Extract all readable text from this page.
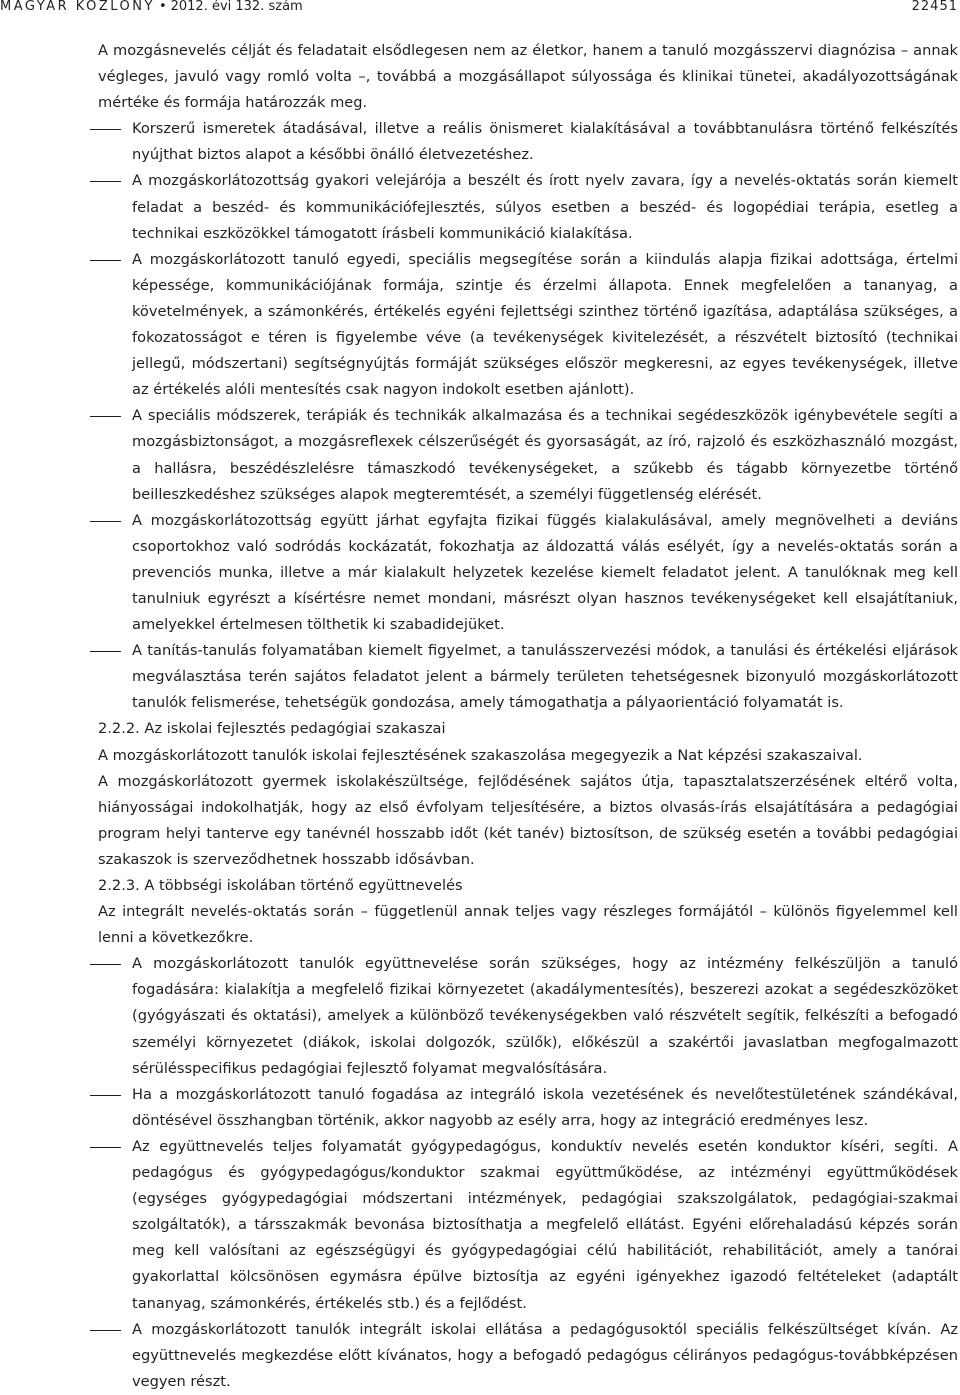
MAGYAR KÖZLÖNY • 2012. évi 132. szám	22451

A mozgásnevelés célját és feladatait elsődlegesen nem az életkor, hanem a tanuló mozgásszervi diagnózisa – annak végleges, javuló vagy romló volta –, továbbá a mozgásállapot súlyossága és klinikai tünetei, akadályozottságának mértéke és formája határozzák meg.

Korszerű ismeretek átadásával, illetve a reális önismeret kialakításával a továbbtanulásra történő felkészítés nyújthat biztos alapot a későbbi önálló életvezetéshez.

A mozgáskorlátozottság gyakori velejárója a beszélt és írott nyelv zavara, így a nevelés-oktatás során kiemelt feladat a beszéd- és kommunikációfejlesztés, súlyos esetben a beszéd- és logopédiai terápia, esetleg a technikai eszközökkel támogatott írásbeli kommunikáció kialakítása.

A mozgáskorlátozott tanuló egyedi, speciális megsegítése során a kiindulás alapja fizikai adottsága, értelmi képessége, kommunikációjának formája, szintje és érzelmi állapota. Ennek megfelelően a tananyag, a követelmények, a számonkérés, értékelés egyéni fejlettségi szinthez történő igazítása, adaptálása szükséges, a fokozatosságot e téren is figyelembe véve (a tevékenységek kivitelezését, a részvételt biztosító (technikai jellegű, módszertani) segítségnyújtás formáját szükséges először megkeresni, az egyes tevékenységek, illetve az értékelés alóli mentesítés csak nagyon indokolt esetben ajánlott).

A speciális módszerek, terápiák és technikák alkalmazása és a technikai segédeszközök igénybevétele segíti a mozgásbiztonságot, a mozgásreflexek célszerűségét és gyorsaságát, az író, rajzoló és eszközhasználó mozgást, a hallásra, beszédészlelésre támaszkodó tevékenységeket, a szűkebb és tágabb környezetbe történő beilleszkedéshez szükséges alapok megteremtését, a személyi függetlenség elérését.

A mozgáskorlátozottság együtt járhat egyfajta fizikai függés kialakulásával, amely megnövelheti a deviáns csoportokhoz való sodródás kockázatát, fokozhatja az áldozattá válás esélyét, így a nevelés-oktatás során a prevenciós munka, illetve a már kialakult helyzetek kezelése kiemelt feladatot jelent. A tanulóknak meg kell tanulniuk egyrészt a kísértésre nemet mondani, másrészt olyan hasznos tevékenységeket kell elsajátítaniuk, amelyekkel értelmesen tölthetik ki szabadidejüket.

A tanítás-tanulás folyamatában kiemelt figyelmet, a tanulásszervezési módok, a tanulási és értékelési eljárások megválasztása terén sajátos feladatot jelent a bármely területen tehetségesnek bizonyuló mozgáskorlátozott tanulók felismerése, tehetségük gondozása, amely támogathatja a pályaorientáció folyamatát is.

2.2.2. Az iskolai fejlesztés pedagógiai szakaszai

A mozgáskorlátozott tanulók iskolai fejlesztésének szakaszolása megegyezik a Nat képzési szakaszaival.

A mozgáskorlátozott gyermek iskolakészültsége, fejlődésének sajátos útja, tapasztalatszerzésének eltérő volta, hiányosságai indokolhatják, hogy az első évfolyam teljesítésére, a biztos olvasás-írás elsajátítására a pedagógiai program helyi tanterve egy tanévnél hosszabb időt (két tanév) biztosítson, de szükség esetén a további pedagógiai szakaszok is szerveződhetnek hosszabb idősávban.

2.2.3. A többségi iskolában történő együttnevelés

Az integrált nevelés-oktatás során – függetlenül annak teljes vagy részleges formájától – különös figyelemmel kell lenni a következőkre.

A mozgáskorlátozott tanulók együttnevelése során szükséges, hogy az intézmény felkészüljön a tanuló fogadására: kialakítja a megfelelő fizikai környezetet (akadálymentesítés), beszerezi azokat a segédeszközöket (gyógyászati és oktatási), amelyek a különböző tevékenységekben való részvételt segítik, felkészíti a befogadó személyi környezetet (diákok, iskolai dolgozók, szülők), előkészül a szakértői javaslatban megfogalmazott sérülésspecifikus pedagógiai fejlesztő folyamat megvalósítására.

Ha a mozgáskorlátozott tanuló fogadása az integráló iskola vezetésének és nevelőtestületének szándékával, döntésével összhangban történik, akkor nagyobb az esély arra, hogy az integráció eredményes lesz.

Az együttnevelés teljes folyamatát gyógypedagógus, konduktív nevelés esetén konduktor kíséri, segíti. A pedagógus és gyógypedagógus/konduktor szakmai együttműködése, az intézményi együttműködések (egységes gyógypedagógiai módszertani intézmények, pedagógiai szakszolgálatok, pedagógiai-szakmai szolgáltatók), a társszakmák bevonása biztosíthatja a megfelelő ellátást. Egyéni előrehaladású képzés során meg kell valósítani az egészségügyi és gyógypedagógiai célú habilitációt, rehabilitációt, amely a tanórai gyakorlattal kölcsönösen egymásra épülve biztosítja az egyéni igényekhez igazodó feltételeket (adaptált tananyag, számonkérés, értékelés stb.) és a fejlődést.

A mozgáskorlátozott tanulók integrált iskolai ellátása a pedagógusoktól speciális felkészültséget kíván. Az együttnevelés megkezdése előtt kívánatos, hogy a befogadó pedagógus célirányos pedagógus-továbbképzésen vegyen részt.
